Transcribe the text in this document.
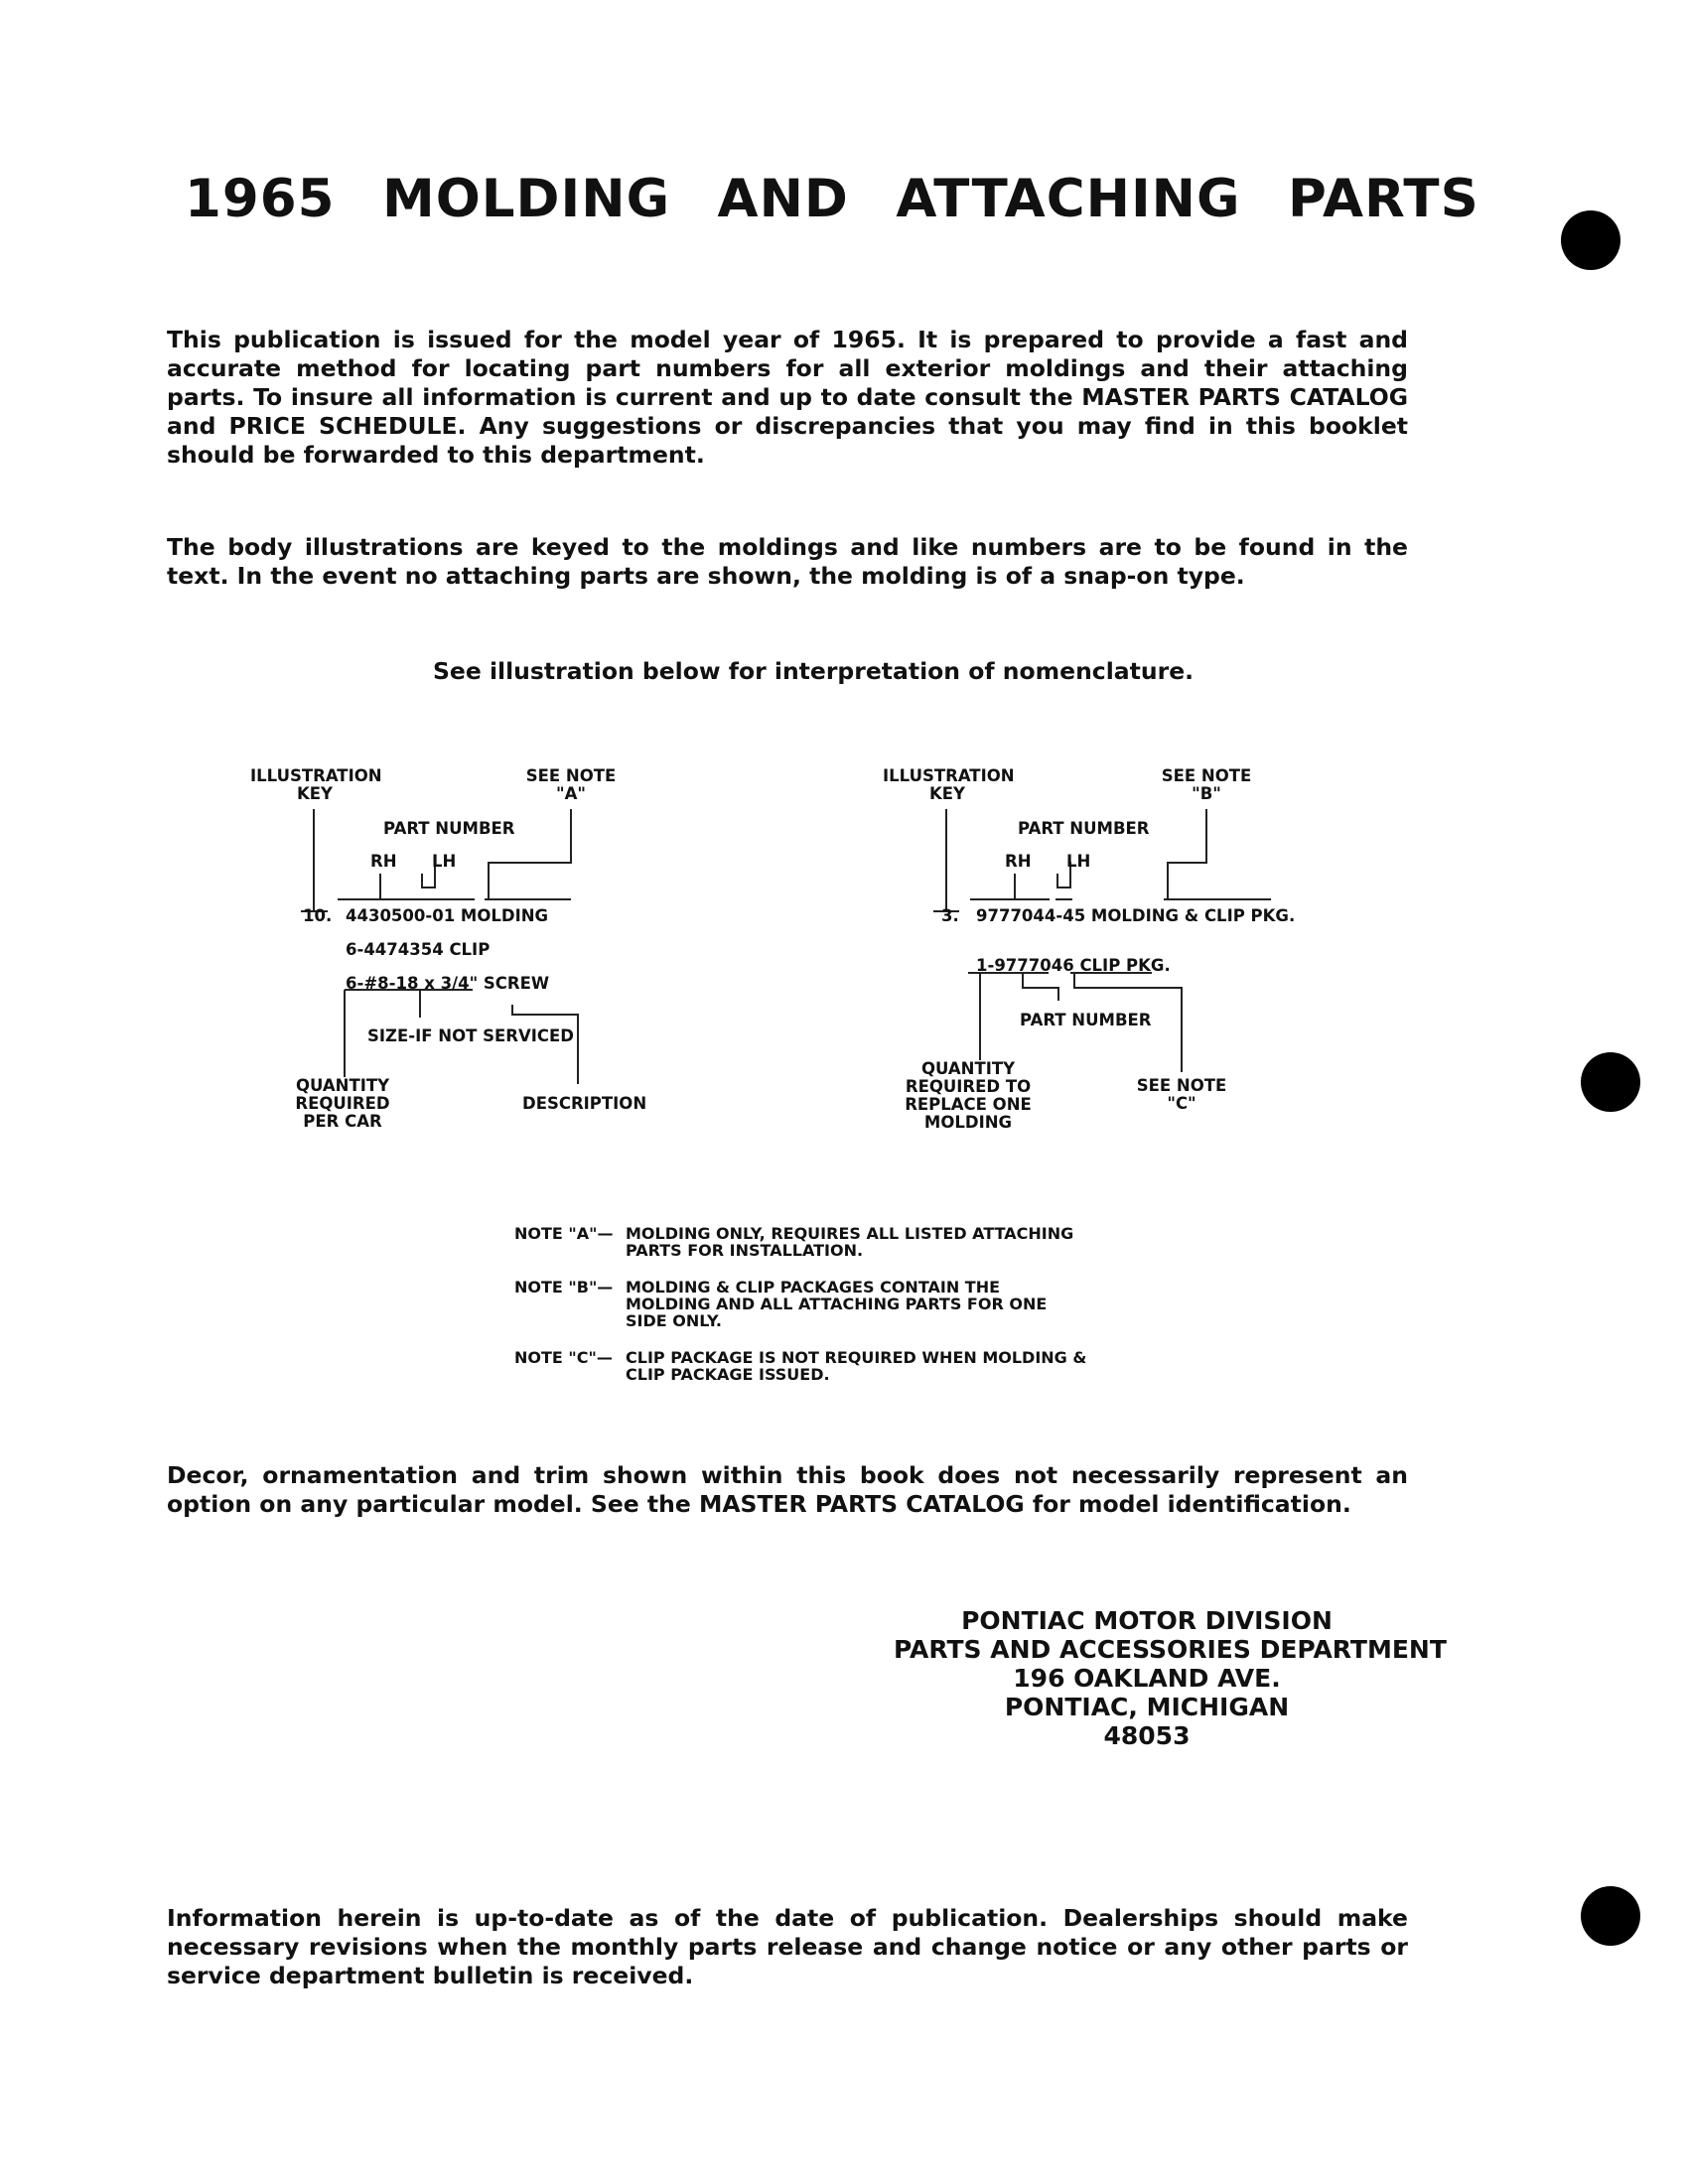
1965 MOLDING AND ATTACHING PARTS
This publication is issued for the model year of 1965. It is prepared to provide a fast and accurate method for locating part numbers for all exterior moldings and their attaching parts. To insure all information is current and up to date consult the MASTER PARTS CATALOG and PRICE SCHEDULE. Any suggestions or discrepancies that you may find in this booklet should be forwarded to this department.
The body illustrations are keyed to the moldings and like numbers are to be found in the text. In the event no attaching parts are shown, the molding is of a snap-on type.
See illustration below for interpretation of nomenclature.
ILLUSTRATION KEY
SEE NOTE "A"
PART NUMBER
RH LH
10. 4430500-01 MOLDING
6-4474354 CLIP
6-#8-18 x 3/4" SCREW
SIZE-IF NOT SERVICED
QUANTITY REQUIRED PER CAR
DESCRIPTION
ILLUSTRATION KEY
SEE NOTE "B"
PART NUMBER
RH LH
3. 9777044-45 MOLDING & CLIP PKG.
1-9777046 CLIP PKG.
PART NUMBER
QUANTITY REQUIRED TO REPLACE ONE MOLDING
SEE NOTE "C"
NOTE "A"— MOLDING ONLY, REQUIRES ALL LISTED ATTACHING PARTS FOR INSTALLATION.
NOTE "B"— MOLDING & CLIP PACKAGES CONTAIN THE MOLDING AND ALL ATTACHING PARTS FOR ONE SIDE ONLY.
NOTE "C"— CLIP PACKAGE IS NOT REQUIRED WHEN MOLDING & CLIP PACKAGE ISSUED.
Decor, ornamentation and trim shown within this book does not necessarily represent an option on any particular model. See the MASTER PARTS CATALOG for model identification.
PONTIAC MOTOR DIVISION
PARTS AND ACCESSORIES DEPARTMENT
196 OAKLAND AVE.
PONTIAC, MICHIGAN
48053
Information herein is up-to-date as of the date of publication. Dealerships should make necessary revisions when the monthly parts release and change notice or any other parts or service department bulletin is received.
